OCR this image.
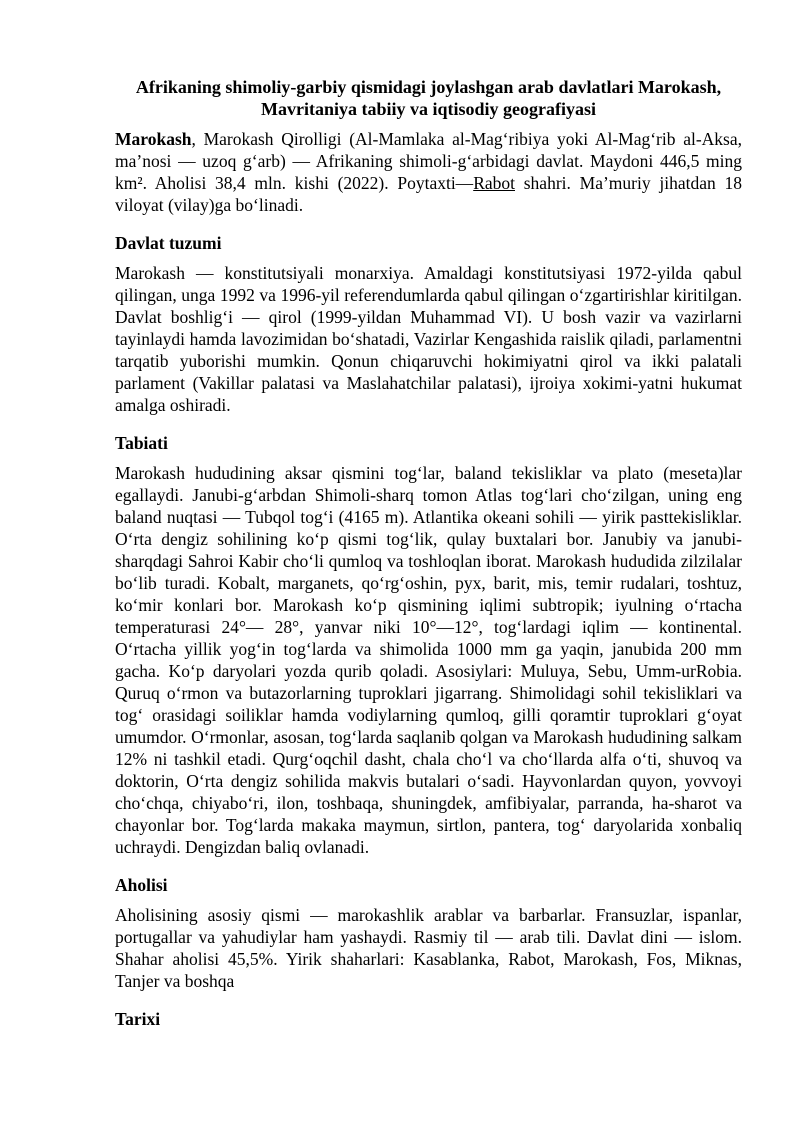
Afrikaning shimoliy-garbiy qismidagi joylashgan arab davlatlari Marokash,
Mavritaniya tabiiy va iqtisodiy geografiyasi

Marokash, Marokash Qirolligi (Al-Mamlaka al-Mag‘ribiya yoki Al-Mag‘rib al-Aksa, ma’nosi — uzoq g‘arb) — Afrikaning shimoli-g‘arbidagi davlat. Maydoni 446,5 ming km². Aholisi 38,4 mln. kishi (2022). Poytaxti—Rabot shahri. Ma’muriy jihatdan 18 viloyat (vilay)ga bo‘linadi.

Davlat tuzumi

Marokash — konstitutsiyali monarxiya. Amaldagi konstitutsiyasi 1972-yilda qabul qilingan, unga 1992 va 1996-yil referendumlarda qabul qilingan o‘zgartirishlar kiritilgan. Davlat boshlig‘i — qirol (1999-yildan Muhammad VI). U bosh vazir va vazirlarni tayinlaydi hamda lavozimidan bo‘shatadi, Vazirlar Kengashida raislik qiladi, parlamentni tarqatib yuborishi mumkin. Qonun chiqaruvchi hokimiyatni qirol va ikki palatali parlament (Vakillar palatasi va Maslahatchilar palatasi), ijroiya xokimi-yatni hukumat amalga oshiradi.

Tabiati

Marokash hududining aksar qismini tog‘lar, baland tekisliklar va plato (meseta)lar egallaydi. Janubi-g‘arbdan Shimoli-sharq tomon Atlas tog‘lari cho‘zilgan, uning eng baland nuqtasi — Tubqol tog‘i (4165 m). Atlantika okeani sohili — yirik pasttekisliklar. O‘rta dengiz sohilining ko‘p qismi tog‘lik, qulay buxtalari bor. Janubiy va janubi-sharqdagi Sahroi Kabir cho‘li qumloq va toshloqlan iborat. Marokash hududida zilzilalar bo‘lib turadi. Kobalt, marganets, qo‘rg‘oshin, pyx, barit, mis, temir rudalari, toshtuz, ko‘mir konlari bor. Marokash ko‘p qismining iqlimi subtropik; iyulning o‘rtacha temperaturasi 24°— 28°, yanvar niki 10°—12°, tog‘lardagi iqlim — kontinental. O‘rtacha yillik yog‘in tog‘larda va shimolida 1000 mm ga yaqin, janubida 200 mm gacha. Ko‘p daryolari yozda qurib qoladi. Asosiylari: Muluya, Sebu, Umm-urRobia. Quruq o‘rmon va butazorlarning tuproklari jigarrang. Shimolidagi sohil tekisliklari va tog‘ orasidagi soiliklar hamda vodiylarning qumloq, gilli qoramtir tuproklari g‘oyat umumdor. O‘rmonlar, asosan, tog‘larda saqlanib qolgan va Marokash hududining salkam 12% ni tashkil etadi. Qurg‘oqchil dasht, chala cho‘l va cho‘llarda alfa o‘ti, shuvoq va doktorin, O‘rta dengiz sohilida makvis butalari o‘sadi. Hayvonlardan quyon, yovvoyi cho‘chqa, chiyabo‘ri, ilon, toshbaqa, shuningdek, amfibiyalar, parranda, ha-sharot va chayonlar bor. Tog‘larda makaka maymun, sirtlon, pantera, tog‘ daryolarida xonbaliq uchraydi. Dengizdan baliq ovlanadi.

Aholisi

Aholisining asosiy qismi — marokashlik arablar va barbarlar. Fransuzlar, ispanlar, portugallar va yahudiylar ham yashaydi. Rasmiy til — arab tili. Davlat dini — islom. Shahar aholisi 45,5%. Yirik shaharlari: Kasablanka, Rabot, Marokash, Fos, Miknas, Tanjer va boshqa

Tarixi
